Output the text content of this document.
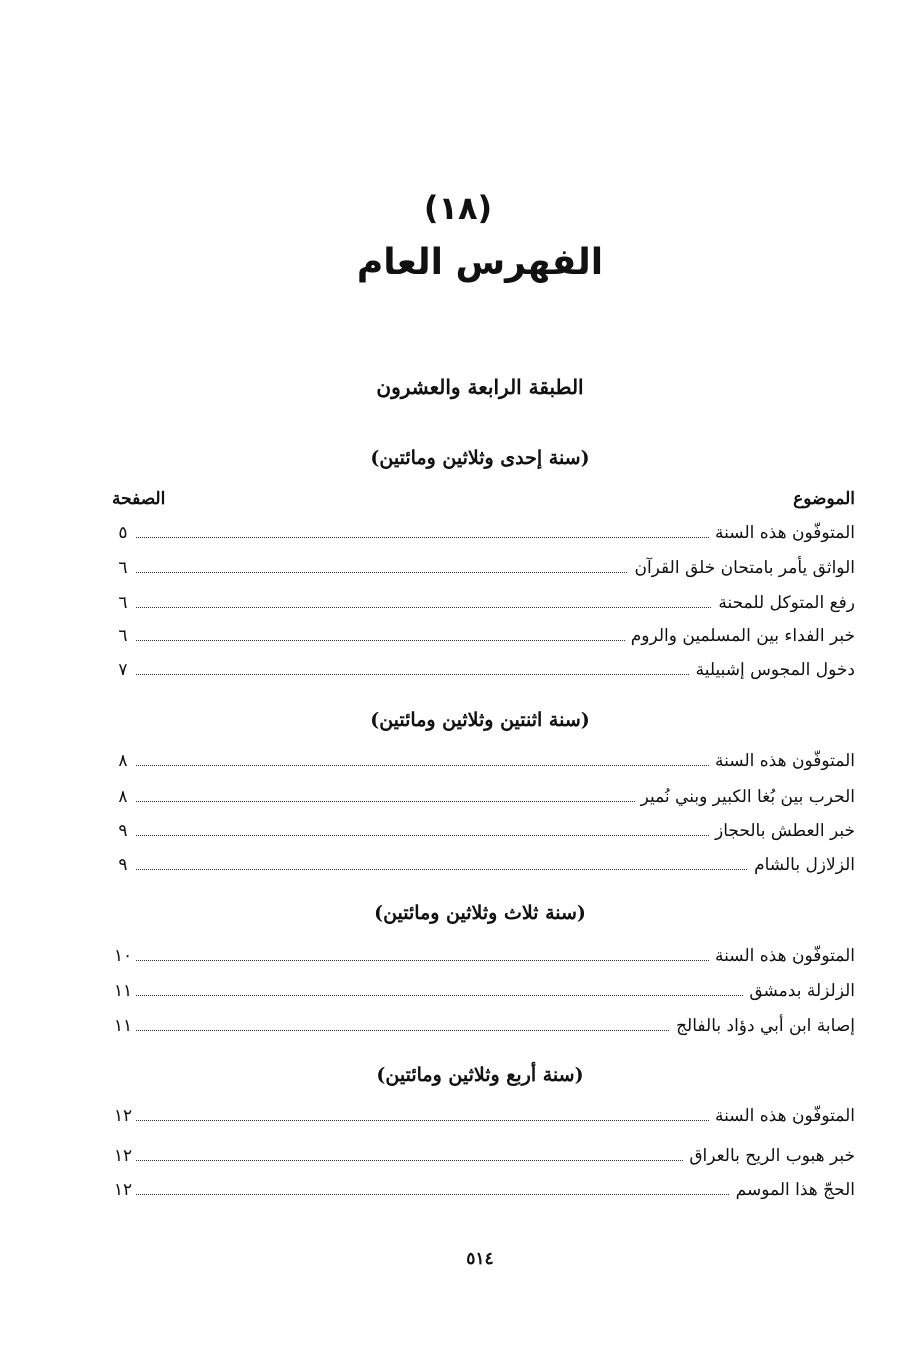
(١٨)
الفهرس العام
الطبقة الرابعة والعشرون
الموضوع
الصفحة
(سنة إحدى وثلاثين ومائتين)
المتوفّون هذه السنة
٥
الواثق يأمر بامتحان خلق القرآن
٦
رفع المتوكل للمحنة
٦
خبر الفداء بين المسلمين والروم
٦
دخول المجوس إشبيلية
٧
(سنة اثنتين وثلاثين ومائتين)
المتوفّون هذه السنة
٨
الحرب بين بُغا الكبير وبني نُمير
٨
خبر العطش بالحجاز
٩
الزلازل بالشام
٩
(سنة ثلاث وثلاثين ومائتين)
المتوفّون هذه السنة
١٠
الزلزلة بدمشق
١١
إصابة ابن أبي دؤاد بالفالج
١١
(سنة أربع وثلاثين ومائتين)
المتوفّون هذه السنة
١٢
خبر هبوب الريح بالعراق
١٢
الحجّ هذا الموسم
١٢
٥١٤
